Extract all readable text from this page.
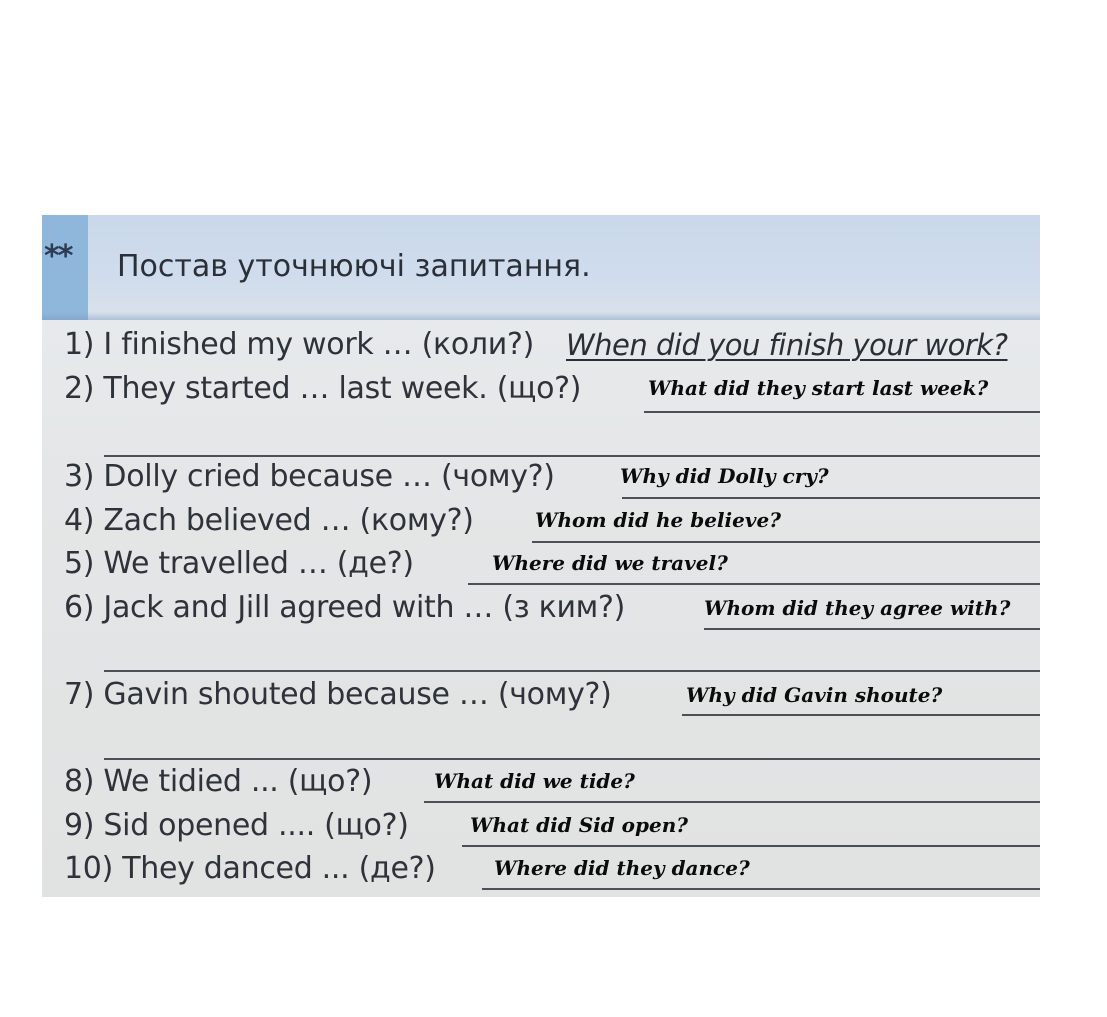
** Постав уточнюючі запитання.
1) I finished my work … (коли?) When did you finish your work?
2) They started … last week. (що?)	What did they start last week?
3) Dolly cried because … (чому?)	Why did Dolly cry?
4) Zach believed … (кому?)	Whom did he believe?
5) We travelled … (де?)	Where did we travel?
6) Jack and Jill agreed with … (з ким?)	Whom did they agree with?
7) Gavin shouted because … (чому?)	Why did Gavin shoute?
8) We tidied ... (що?)	What did we tide?
9) Sid opened .... (що?)	What did Sid open?
10) They danced ... (де?)	Where did they dance?
